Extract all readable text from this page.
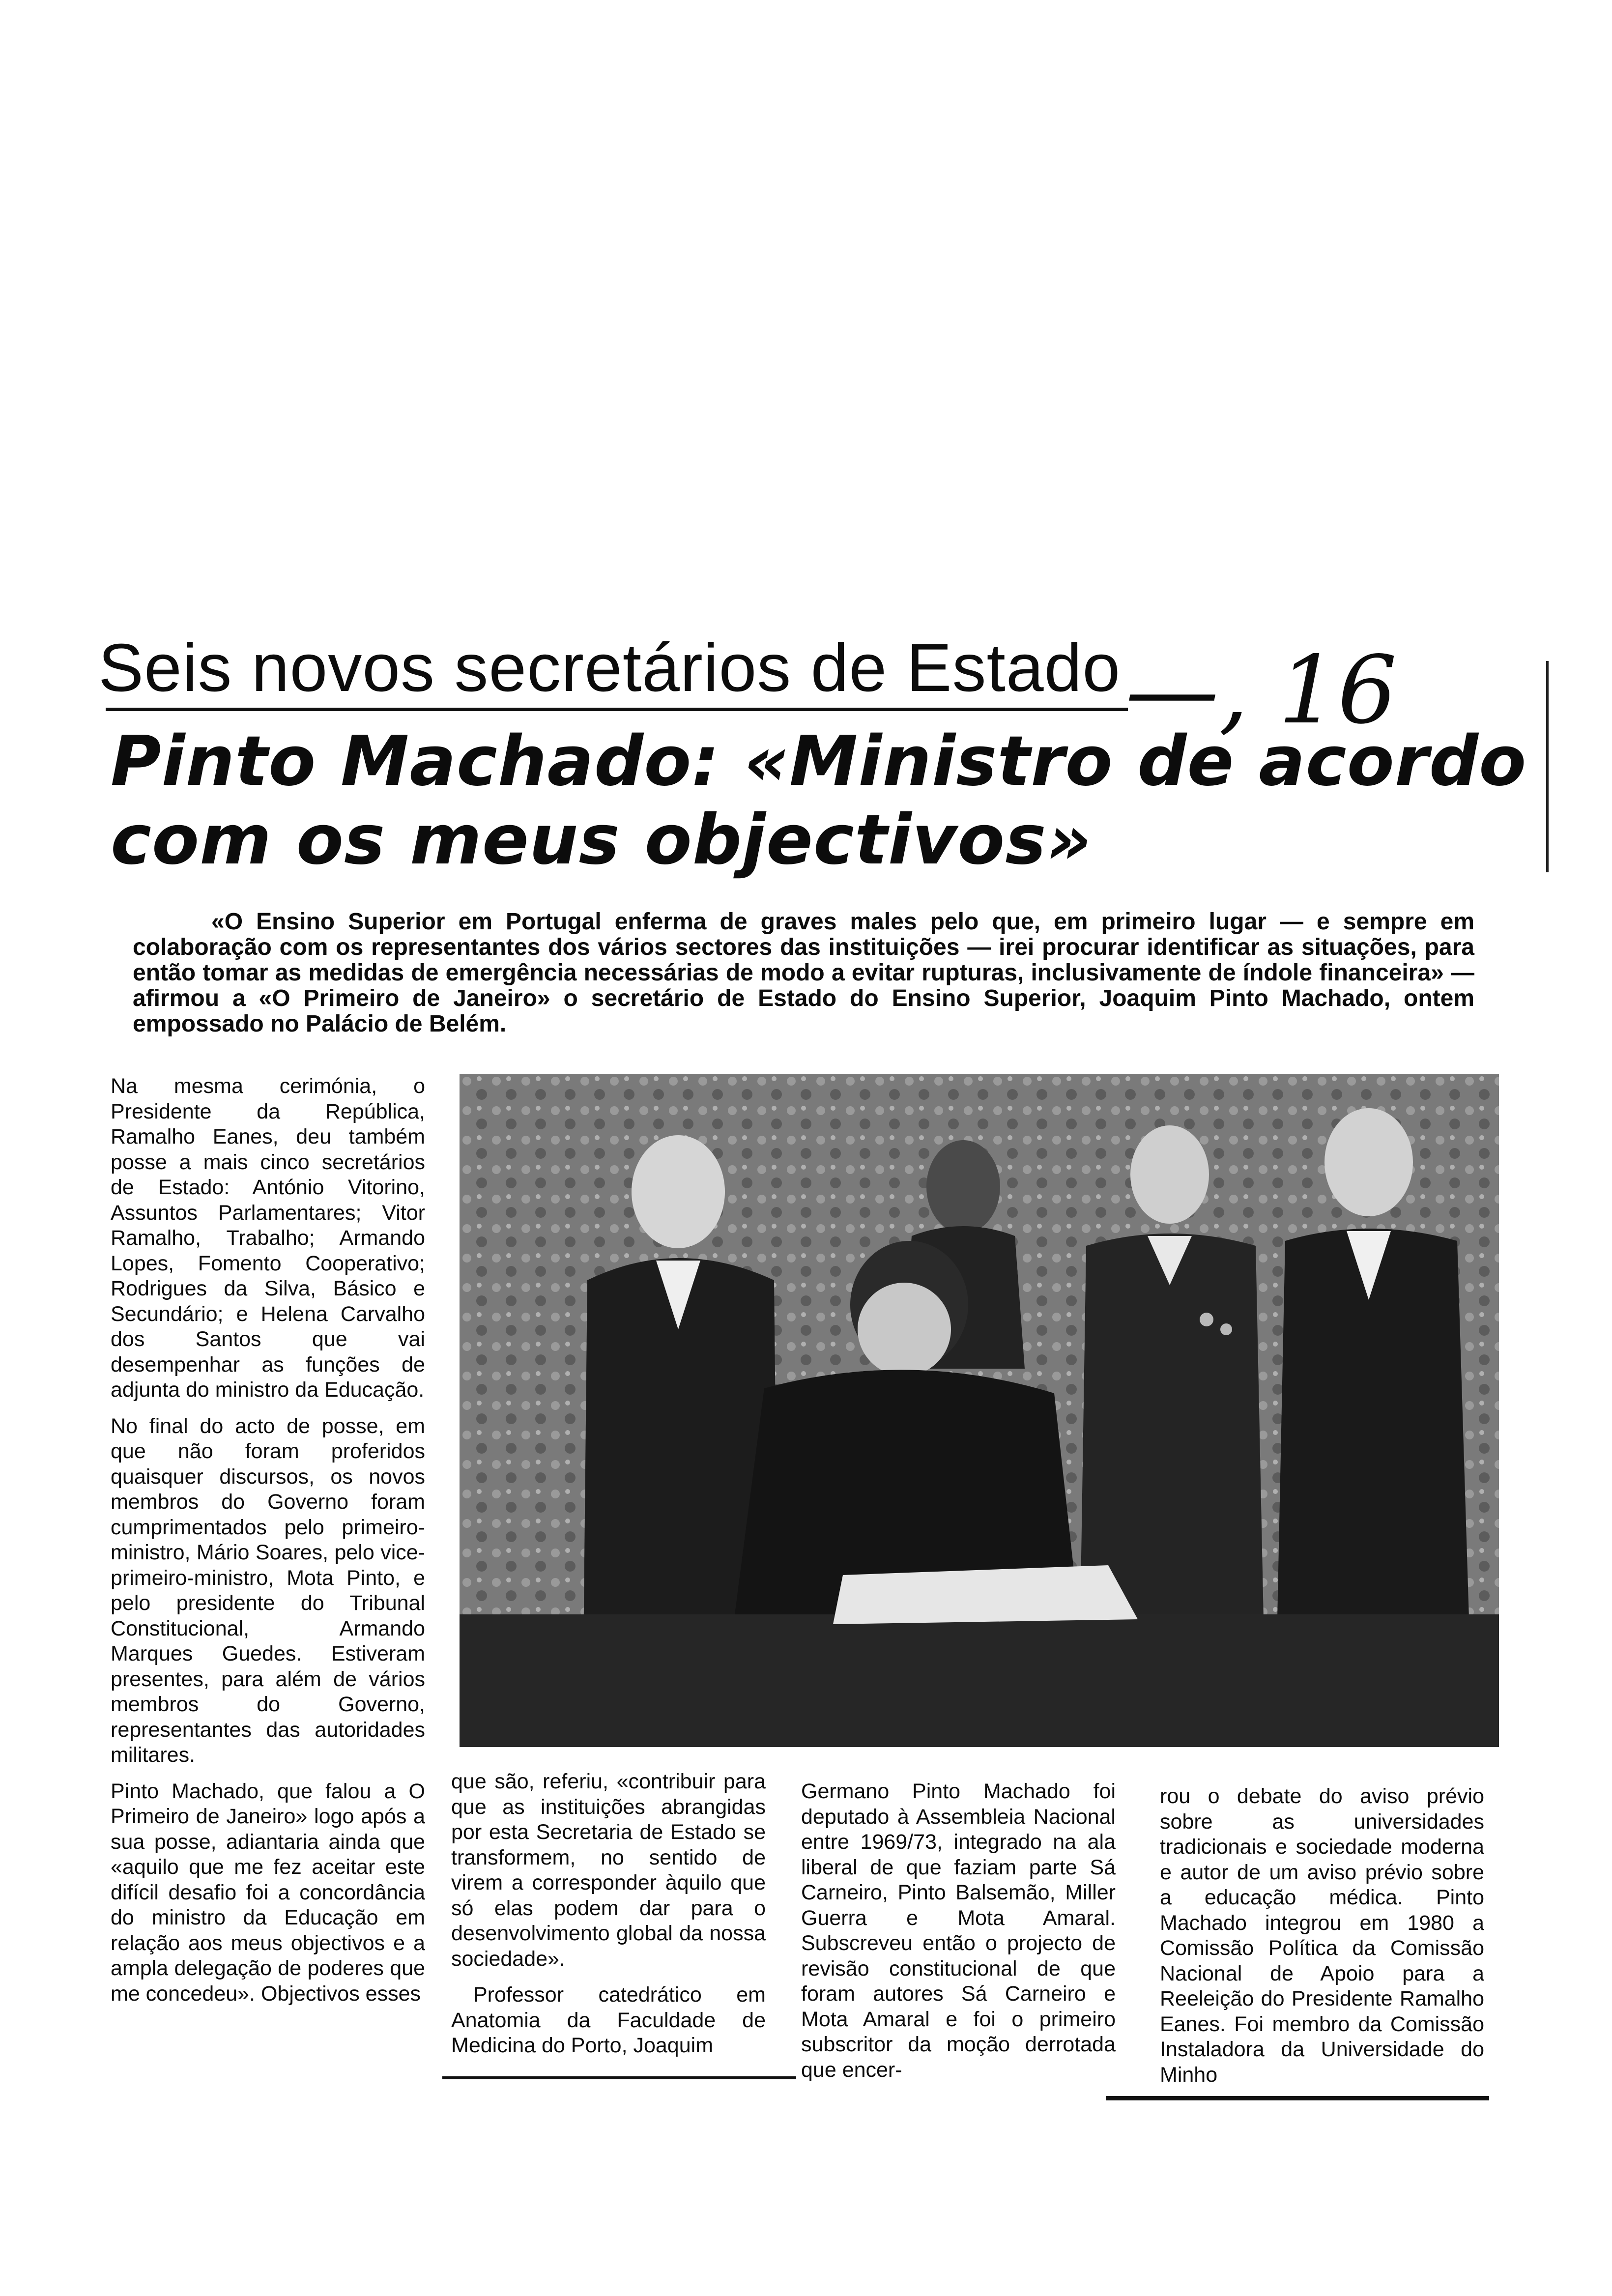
Seis novos secretários de Estado —, 16
Pinto Machado: «Ministro de acordo com os meus objectivos»
«O Ensino Superior em Portugal enferma de graves males pelo que, em primeiro lugar — e sempre em colaboração com os representantes dos vários sectores das instituições — irei procurar identificar as situações, para então tomar as medidas de emergência necessárias de modo a evitar rupturas, inclusivamente de índole financeira» — afirmou a «O Primeiro de Janeiro» o secretário de Estado do Ensino Superior, Joaquim Pinto Machado, ontem empossado no Palácio de Belém.

Na mesma cerimónia, o Presidente da República, Ramalho Eanes, deu também posse a mais cinco secretários de Estado: António Vitorino, Assuntos Parlamentares; Vitor Ramalho, Trabalho; Armando Lopes, Fomento Cooperativo; Rodrigues da Silva, Básico e Secundário; e Helena Carvalho dos Santos que vai desempenhar as funções de adjunta do ministro da Educação.

No final do acto de posse, em que não foram proferidos quaisquer discursos, os novos membros do Governo foram cumprimentados pelo primeiro-ministro, Mário Soares, pelo vice-primeiro-ministro, Mota Pinto, e pelo presidente do Tribunal Constitucional, Armando Marques Guedes. Estiveram presentes, para além de vários membros do Governo, representantes das autoridades militares.

Pinto Machado, que falou a O Primeiro de Janeiro» logo após a sua posse, adiantaria ainda que «aquilo que me fez aceitar este difícil desafio foi a concordância do ministro da Educação em relação aos meus objectivos e a ampla delegação de poderes que me concedeu». Objectivos esses

que são, referiu, «contribuir para que as instituições abrangidas por esta Secretaria de Estado se transformem, no sentido de virem a corresponder àquilo que só elas podem dar para o desenvolvimento global da nossa sociedade».

Professor catedrático em Anatomia da Faculdade de Medicina do Porto, Joaquim

Germano Pinto Machado foi deputado à Assembleia Nacional entre 1969/73, integrado na ala liberal de que faziam parte Sá Carneiro, Pinto Balsemão, Miller Guerra e Mota Amaral. Subscreveu então o projecto de revisão constitucional de que foram autores Sá Carneiro e Mota Amaral e foi o primeiro subscritor da moção derrotada que encer-

rou o debate do aviso prévio sobre as universidades tradicionais e sociedade moderna e autor de um aviso prévio sobre a educação médica. Pinto Machado integrou em 1980 a Comissão Política da Comissão Nacional de Apoio para a Reeleição do Presidente Ramalho Eanes. Foi membro da Comissão Instaladora da Universidade do Minho
